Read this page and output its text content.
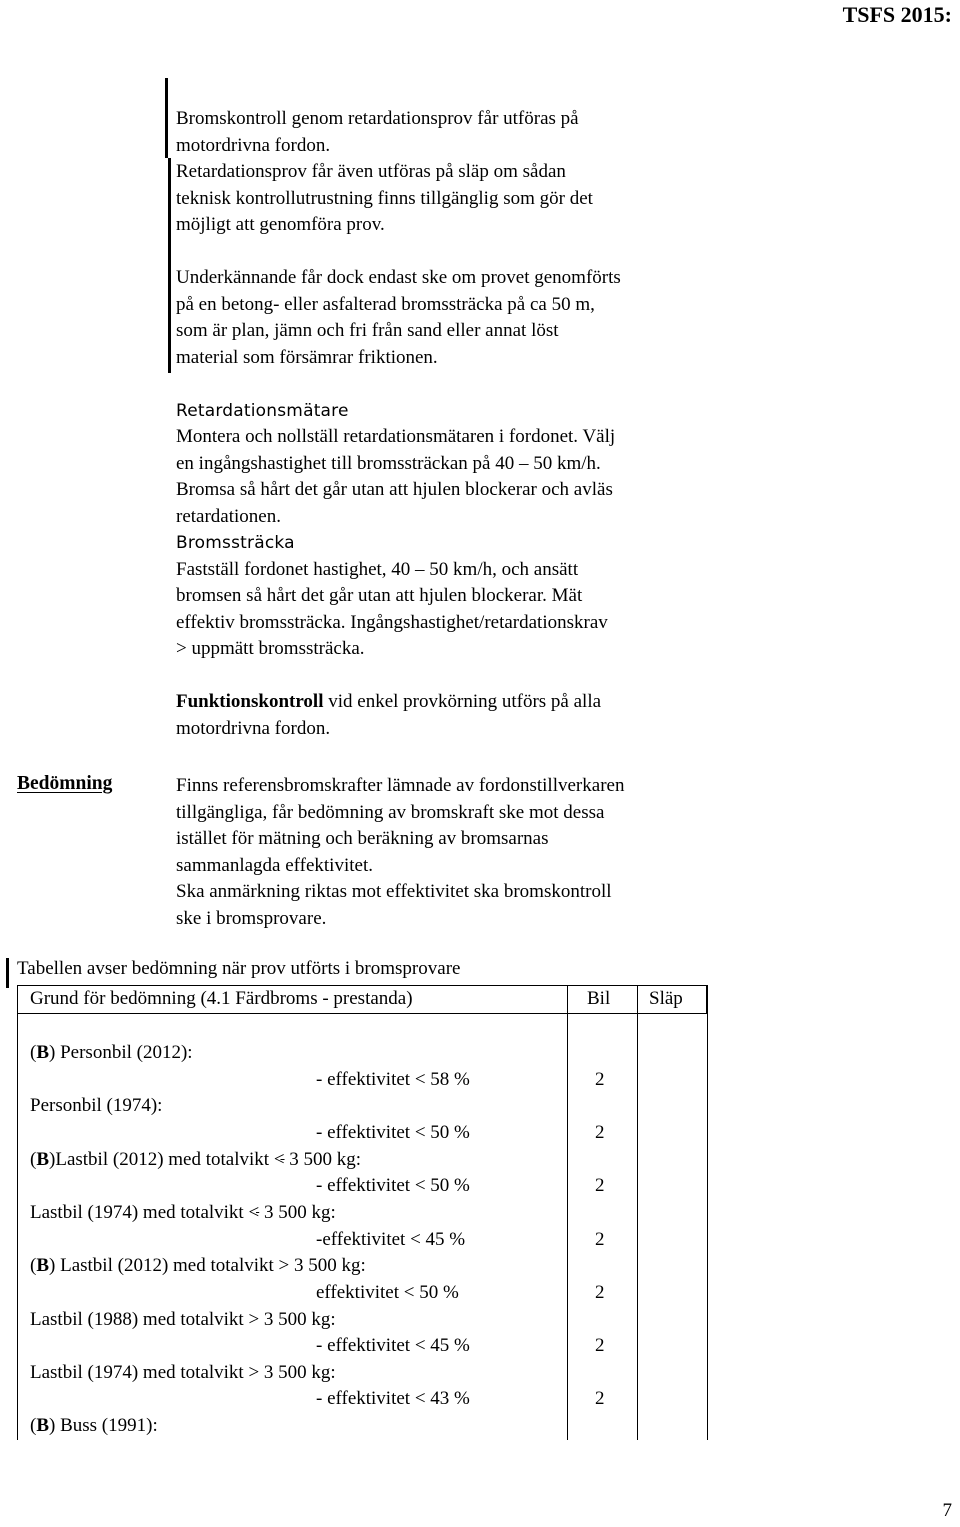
TSFS 2015:

Bromskontroll genom retardationsprov får utföras på

motordrivna fordon.

Retardationsprov får även utföras på släp om sådan

teknisk kontrollutrustning finns tillgänglig som gör det

möjligt att genomföra prov.

Underkännande får dock endast ske om provet genomförts

på en betong- eller asfalterad bromssträcka på ca 50 m,

som är plan, jämn och fri från sand eller annat löst

material som försämrar friktionen.

Retardationsmätare

Montera och nollställ retardationsmätaren i fordonet. Välj

en ingångshastighet till bromssträckan på 40 – 50 km/h.

Bromsa så hårt det går utan att hjulen blockerar och avläs

retardationen.

Bromssträcka

Fastställ fordonet hastighet, 40 – 50 km/h, och ansätt

bromsen så hårt det går utan att hjulen blockerar. Mät

effektiv bromssträcka. Ingångshastighet/retardationskrav

> uppmätt bromssträcka.

Funktionskontroll vid enkel provkörning utförs på alla

motordrivna fordon.

Bedömning	Finns referensbromskrafter lämnade av fordonstillverkaren

tillgängliga, får bedömning av bromskraft ske mot dessa

istället för mätning och beräkning av bromsarnas

sammanlagda effektivitet.

Ska anmärkning riktas mot effektivitet ska bromskontroll

ske i bromsprovare.

Tabellen avser bedömning när prov utförts i bromsprovare
Grund för bedömning (4.1 Färdbroms - prestanda)	Bil Släp
(B) Personbil (2012):
- effektivitet < 58 %	2
Personbil (1974):
- effektivitet < 50 %	2
(B)Lastbil (2012) med totalvikt < 3 500 kg:
- effektivitet < 50 %	2
Lastbil (1974) med totalvikt < 3 500 kg:
-effektivitet < 45 %	2
(B) Lastbil (2012) med totalvikt > 3 500 kg:
effektivitet < 50 %	2
Lastbil (1988) med totalvikt > 3 500 kg:
- effektivitet < 45 %	2
Lastbil (1974) med totalvikt > 3 500 kg:
- effektivitet < 43 %	2
(B) Buss (1991):
7
